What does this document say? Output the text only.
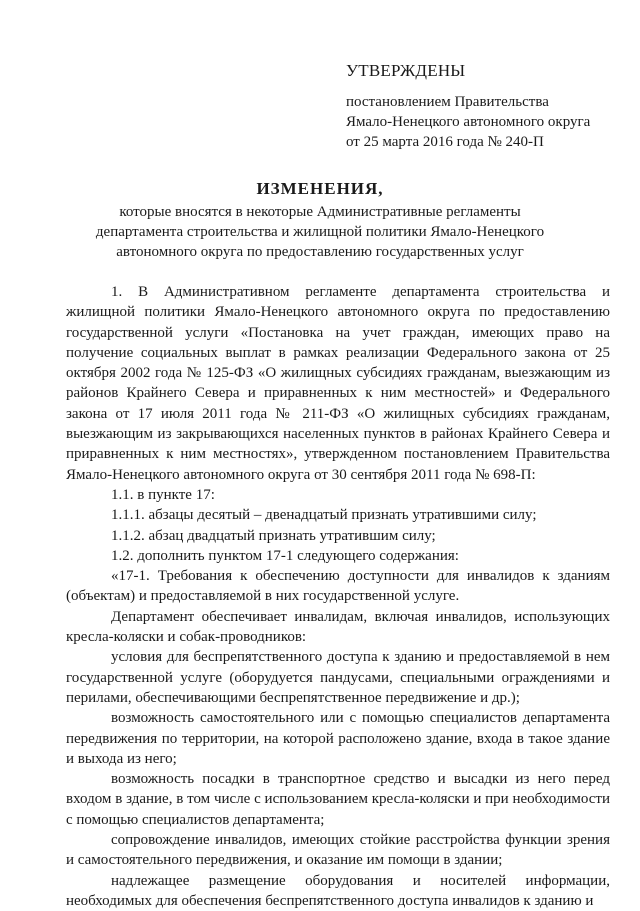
УТВЕРЖДЕНЫ
постановлением Правительства
Ямало-Ненецкого автономного округа
от 25 марта 2016 года № 240-П
ИЗМЕНЕНИЯ,
которые вносятся в некоторые Административные регламенты
департамента строительства и жилищной политики Ямало-Ненецкого
автономного округа по предоставлению государственных услуг

1. В Административном регламенте департамента строительства и жилищной политики Ямало-Ненецкого автономного округа по предоставлению государственной услуги «Постановка на учет граждан, имеющих право на получение социальных выплат в рамках реализации Федерального закона от 25 октября 2002 года № 125-ФЗ «О жилищных субсидиях гражданам, выезжающим из районов Крайнего Севера и приравненных к ним местностей» и Федерального закона от 17 июля 2011 года № 211-ФЗ «О жилищных субсидиях гражданам, выезжающим из закрывающихся населенных пунктов в районах Крайнего Севера и приравненных к ним местностях», утвержденном постановлением Правительства Ямало-Ненецкого автономного округа от 30 сентября 2011 года № 698-П:

1.1. в пункте 17:

1.1.1. абзацы десятый – двенадцатый признать утратившими силу;

1.1.2. абзац двадцатый признать утратившим силу;

1.2. дополнить пунктом 17-1 следующего содержания:

«17-1. Требования к обеспечению доступности для инвалидов к зданиям (объектам) и предоставляемой в них государственной услуге.

Департамент обеспечивает инвалидам, включая инвалидов, использующих кресла-коляски и собак-проводников:

условия для беспрепятственного доступа к зданию и предоставляемой в нем государственной услуге (оборудуется пандусами, специальными ограждениями и перилами, обеспечивающими беспрепятственное передвижение и др.);

возможность самостоятельного или с помощью специалистов департамента передвижения по территории, на которой расположено здание, входа в такое здание и выхода из него;

возможность посадки в транспортное средство и высадки из него перед входом в здание, в том числе с использованием кресла-коляски и при необходимости с помощью специалистов департамента;

сопровождение инвалидов, имеющих стойкие расстройства функции зрения и самостоятельного передвижения, и оказание им помощи в здании;

надлежащее размещение оборудования и носителей информации, необходимых для обеспечения беспрепятственного доступа инвалидов к зданию и
